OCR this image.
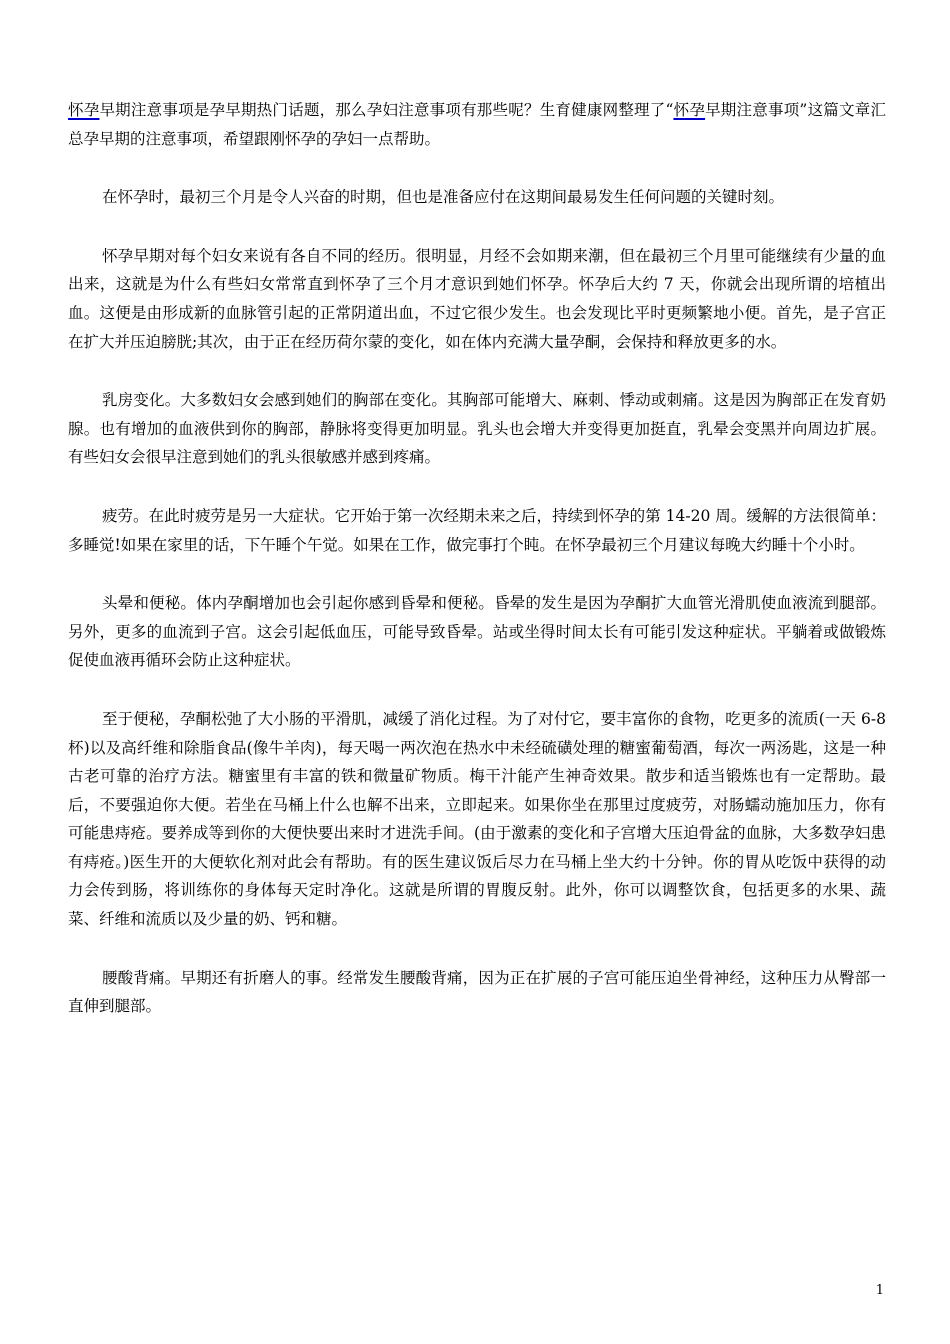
怀孕早期注意事项是孕早期热门话题，那么孕妇注意事项有那些呢？生育健康网整理了“怀孕早期注意事项”这篇文章汇总孕早期的注意事项，希望跟刚怀孕的孕妇一点帮助。

在怀孕时，最初三个月是令人兴奋的时期，但也是准备应付在这期间最易发生任何问题的关键时刻。

怀孕早期对每个妇女来说有各自不同的经历。很明显，月经不会如期来潮，但在最初三个月里可能继续有少量的血出来，这就是为什么有些妇女常常直到怀孕了三个月才意识到她们怀孕。怀孕后大约 7 天，你就会出现所谓的培植出血。这便是由形成新的血脉管引起的正常阴道出血，不过它很少发生。也会发现比平时更频繁地小便。首先，是子宫正在扩大并压迫膀胱;其次，由于正在经历荷尔蒙的变化，如在体内充满大量孕酮，会保持和释放更多的水。

乳房变化。大多数妇女会感到她们的胸部在变化。其胸部可能增大、麻刺、悸动或刺痛。这是因为胸部正在发育奶腺。也有增加的血液供到你的胸部，静脉将变得更加明显。乳头也会增大并变得更加挺直，乳晕会变黑并向周边扩展。有些妇女会很早注意到她们的乳头很敏感并感到疼痛。

疲劳。在此时疲劳是另一大症状。它开始于第一次经期未来之后，持续到怀孕的第 14-20 周。缓解的方法很简单：多睡觉!如果在家里的话，下午睡个午觉。如果在工作，做完事打个盹。在怀孕最初三个月建议每晚大约睡十个小时。

头晕和便秘。体内孕酮增加也会引起你感到昏晕和便秘。昏晕的发生是因为孕酮扩大血管光滑肌使血液流到腿部。另外，更多的血流到子宫。这会引起低血压，可能导致昏晕。站或坐得时间太长有可能引发这种症状。平躺着或做锻炼促使血液再循环会防止这种症状。

至于便秘，孕酮松弛了大小肠的平滑肌，减缓了消化过程。为了对付它，要丰富你的食物，吃更多的流质(一天 6-8 杯)以及高纤维和除脂食品(像牛羊肉)，每天喝一两次泡在热水中未经硫磺处理的糖蜜葡萄酒，每次一两汤匙，这是一种古老可靠的治疗方法。糖蜜里有丰富的铁和微量矿物质。梅干汁能产生神奇效果。散步和适当锻炼也有一定帮助。最后，不要强迫你大便。若坐在马桶上什么也解不出来，立即起来。如果你坐在那里过度疲劳，对肠蠕动施加压力，你有可能患痔疮。要养成等到你的大便快要出来时才进洗手间。(由于激素的变化和子宫增大压迫骨盆的血脉，大多数孕妇患有痔疮。)医生开的大便软化剂对此会有帮助。有的医生建议饭后尽力在马桶上坐大约十分钟。你的胃从吃饭中获得的动力会传到肠，将训练你的身体每天定时净化。这就是所谓的胃腹反射。此外，你可以调整饮食，包括更多的水果、蔬菜、纤维和流质以及少量的奶、钙和糖。

腰酸背痛。早期还有折磨人的事。经常发生腰酸背痛，因为正在扩展的子宫可能压迫坐骨神经，这种压力从臀部一直伸到腿部。

1
